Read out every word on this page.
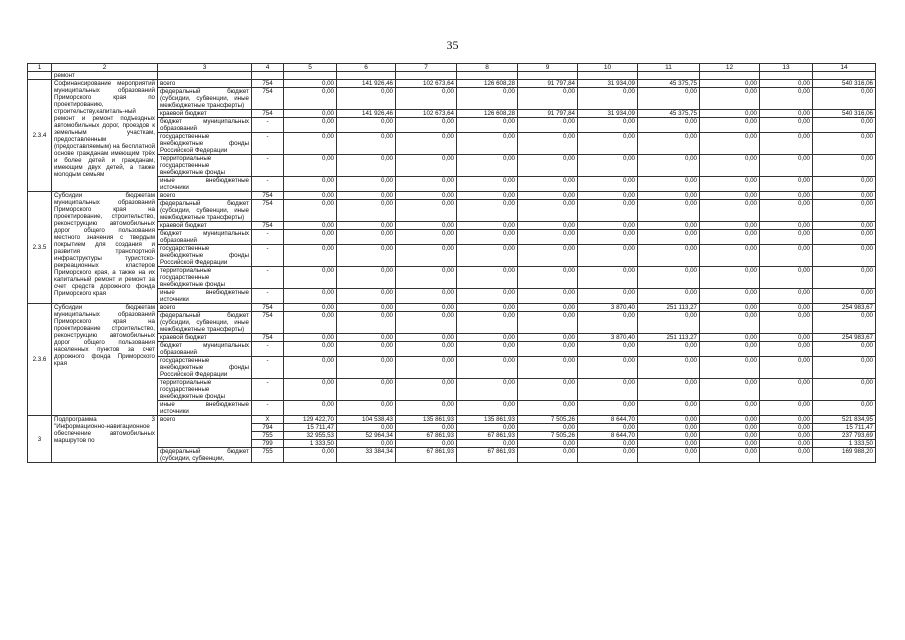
35
1	2	3	4	5	6	7	8	9	10	11	12	13	14
	ремонт												
2.3.4	Софинансирование мероприятий муниципальных образований Приморского края по проектированию, строительству,капиталь-ный ремонт и ремонт подъездных автомобильных дорог, проездов к земельным участкам, предоставленным (предоставляемым) на бесплатной основе гражданам имеющим трёх и более детей и гражданам, имеющим двух детей, а также молодым семьям	всего	754	0,00	141 926,46	102 673,64	126 608,28	91 797,84	31 934,09	45 375,75	0,00	0,00	540 316,06
		федеральный бюджет (субсидии, субвенции, иные межбюджетные трансферты)	754	0,00	0,00	0,00	0,00	0,00	0,00	0,00	0,00	0,00	0,00
		краевой бюджет	754	0,00	141 926,46	102 673,64	126 608,28	91 797,84	31 934,09	45 375,75	0,00	0,00	540 316,06
		бюджет муниципальных образований	-	0,00	0,00	0,00	0,00	0,00	0,00	0,00	0,00	0,00	0,00
		государственные внебюджетные фонды Российской Федерации	-	0,00	0,00	0,00	0,00	0,00	0,00	0,00	0,00	0,00	0,00
		территориальные государственные внебюджетные фонды	-	0,00	0,00	0,00	0,00	0,00	0,00	0,00	0,00	0,00	0,00
		иные внебюджетные источники	-	0,00	0,00	0,00	0,00	0,00	0,00	0,00	0,00	0,00	0,00
2.3.5	Субсидии бюджетам муниципальных образований Приморского края на проектирование, строительство, реконструкцию автомобильных дорог общего пользования местного значения с твердым покрытием для создания и развития транспортной инфраструктуры туристско-рекреационных кластеров Приморского края, а также на их капитальный ремонт и ремонт за счет средств дорожного фонда Приморского края	всего	754	0,00	0,00	0,00	0,00	0,00	0,00	0,00	0,00	0,00	0,00
		федеральный бюджет (субсидии, субвенции, иные межбюджетные трансферты)	754	0,00	0,00	0,00	0,00	0,00	0,00	0,00	0,00	0,00	0,00
		краевой бюджет	754	0,00	0,00	0,00	0,00	0,00	0,00	0,00	0,00	0,00	0,00
		бюджет муниципальных образований	-	0,00	0,00	0,00	0,00	0,00	0,00	0,00	0,00	0,00	0,00
		государственные внебюджетные фонды Российской Федерации	-	0,00	0,00	0,00	0,00	0,00	0,00	0,00	0,00	0,00	0,00
		территориальные государственные внебюджетные фонды	-	0,00	0,00	0,00	0,00	0,00	0,00	0,00	0,00	0,00	0,00
		иные внебюджетные источники	-	0,00	0,00	0,00	0,00	0,00	0,00	0,00	0,00	0,00	0,00
2.3.6	Субсидии бюджетам муниципальных образований Приморского края на проектирование строительство, реконструкцию автомобильных дорог общего пользования населенных пунктов за счет дорожного фонда Приморского края	всего	754	0,00	0,00	0,00	0,00	0,00	3 870,40	251 113,27	0,00	0,00	254 983,67
		федеральный бюджет (субсидии, субвенции, иные межбюджетные трансферты)	754	0,00	0,00	0,00	0,00	0,00	0,00	0,00	0,00	0,00	0,00
		краевой бюджет	754	0,00	0,00	0,00	0,00	0,00	3 870,40	251 113,27	0,00	0,00	254 983,67
		бюджет муниципальных образований	-	0,00	0,00	0,00	0,00	0,00	0,00	0,00	0,00	0,00	0,00
		государственные внебюджетные фонды Российской Федерации	-	0,00	0,00	0,00	0,00	0,00	0,00	0,00	0,00	0,00	0,00
		территориальные государственные внебюджетные фонды	-	0,00	0,00	0,00	0,00	0,00	0,00	0,00	0,00	0,00	0,00
		иные внебюджетные источники	-	0,00	0,00	0,00	0,00	0,00	0,00	0,00	0,00	0,00	0,00
3	Подпрограмма 3 "Информационно-навигационное обеспечение автомобильных маршрутов по	всего	X	129 422,70	104 538,43	135 861,93	135 861,93	7 505,26	8 644,70	0,00	0,00	0,00	521 834,95
			794	15 711,47	0,00	0,00	0,00	0,00	0,00	0,00	0,00	0,00	15 711,47
			755	32 955,53	52 964,34	67 861,93	67 861,93	7 505,26	8 644,70	0,00	0,00	0,00	237 793,69
			799	1 333,50	0,00	0,00	0,00	0,00	0,00	0,00	0,00	0,00	1 333,50
		федеральный бюджет (субсидии, субвенции,	755	0,00	33 384,34	67 861,93	67 861,93	0,00	0,00	0,00	0,00	0,00	169 988,20
